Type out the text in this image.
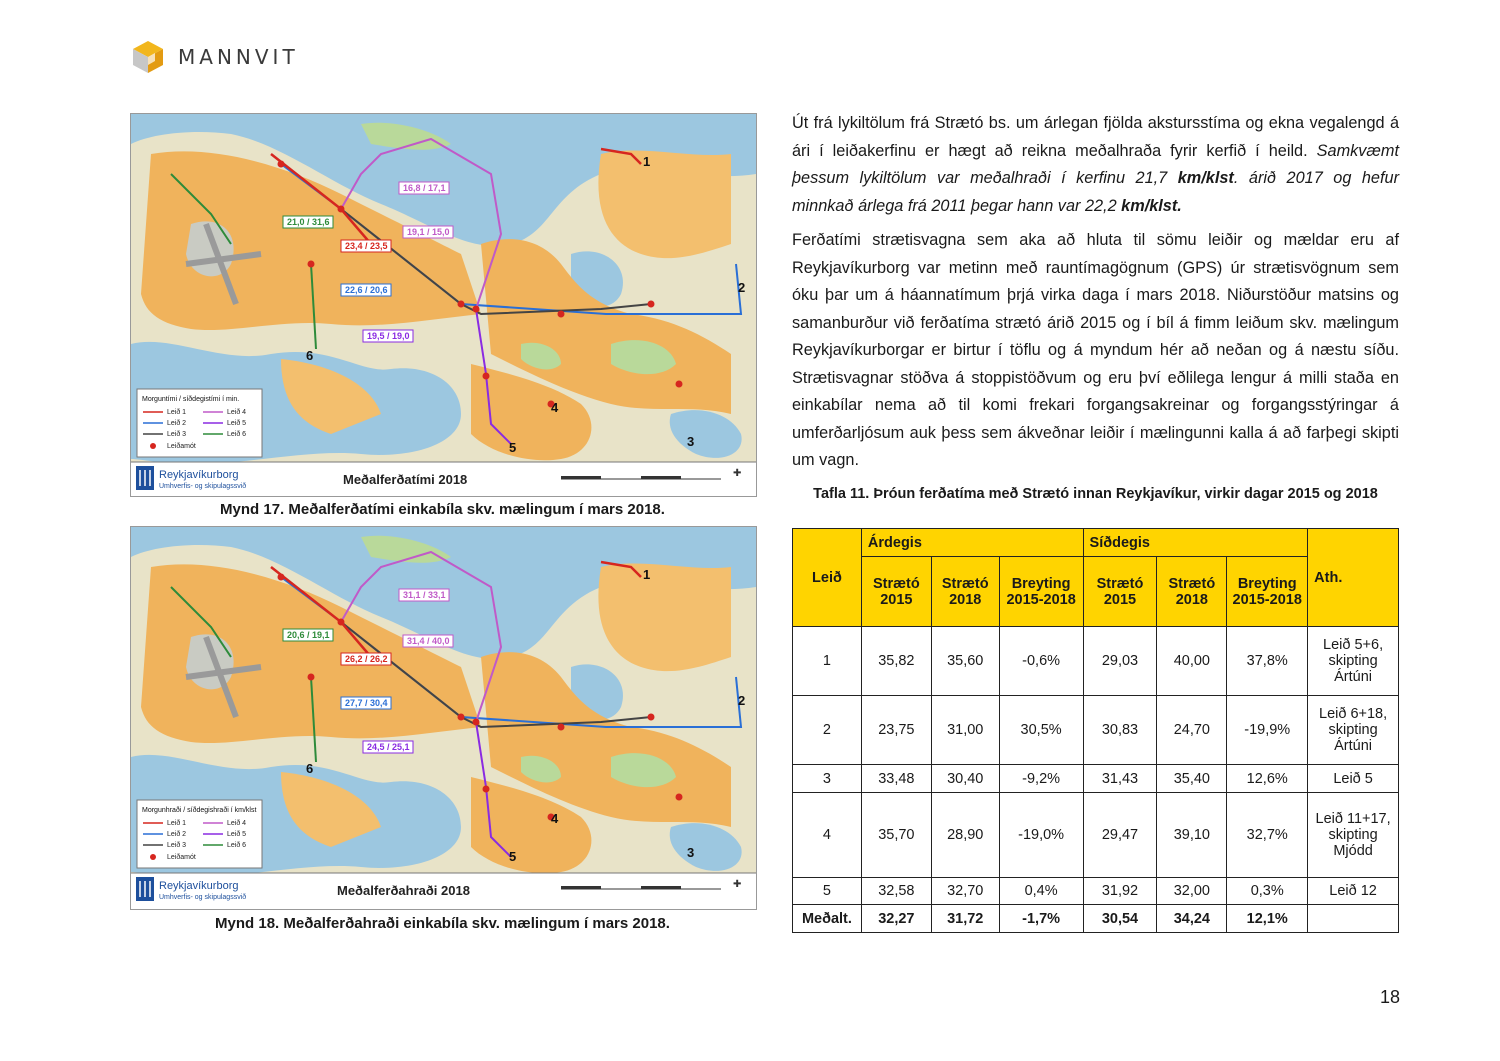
MANNVIT
16,8 / 17,1
21,0 / 31,6
19,1 / 15,0
23,4 / 23,5
22,6 / 20,6
19,5 / 19,0
1
2
3
4
5
6
Morguntími / síðdegistími í min.
Leið 1
Leið 2
Leið 3
Leið 4
Leið 5
Leið 6
Leiðamót
Reykjavíkurborg
Umhverfis- og skipulagssvið	Meðalferðatími 2018	✚
Mynd 17. Meðalferðatími einkabíla skv. mælingum í mars 2018.
31,1 / 33,1
20,6 / 19,1
31,4 / 40,0
26,2 / 26,2
27,7 / 30,4
24,5 / 25,1
1
2
3
4
5
6
Morgunhraði / síðdegishraði í km/klst
Leið 1
Leið 2
Leið 3
Leið 4
Leið 5
Leið 6
Leiðamót
Reykjavíkurborg
Umhverfis- og skipulagssvið	Meðalferðahraði 2018	✚
Mynd 18. Meðalferðahraði einkabíla skv. mælingum í mars 2018.

Út frá lykiltölum frá Strætó bs. um árlegan fjölda akstursstíma og ekna vegalengd á ári í leiðakerfinu er hægt að reikna meðalhraða fyrir kerfið í heild. Samkvæmt þessum lykiltölum var meðalhraði í kerfinu 21,7 km/klst. árið 2017 og hefur minnkað árlega frá 2011 þegar hann var 22,2 km/klst.

Ferðatími strætisvagna sem aka að hluta til sömu leiðir og mældar eru af Reykjavíkurborg var metinn með rauntímagögnum (GPS) úr strætisvögnum sem óku þar um á háannatímum þrjá virka daga í mars 2018. Niðurstöður matsins og samanburður við ferðatíma strætó árið 2015 og í bíl á fimm leiðum skv. mælingum Reykjavíkurborgar er birtur í töflu og á myndum hér að neðan og á næstu síðu. Strætisvagnar stöðva á stoppistöðvum og eru því eðlilega lengur á milli staða en einkabílar nema að til komi frekari forgangsakreinar og forgangsstýringar á umferðarljósum auk þess sem ákveðnar leiðir í mælingunni kalla á að farþegi skipti um vagn.

Tafla 11. Þróun ferðatíma með Strætó innan Reykjavíkur, virkir dagar 2015 og 2018
Leið	Árdegis			Síðdegis			Ath.
	Strætó 2015	Strætó 2018	Breyting 2015-2018	Strætó 2015	Strætó 2018	Breyting 2015-2018	
1	35,82	35,60	-0,6%	29,03	40,00	37,8%	Leið 5+6, skipting Ártúni
2	23,75	31,00	30,5%	30,83	24,70	-19,9%	Leið 6+18, skipting Ártúni
3	33,48	30,40	-9,2%	31,43	35,40	12,6%	Leið 5
4	35,70	28,90	-19,0%	29,47	39,10	32,7%	Leið 11+17, skipting Mjódd
5	32,58	32,70	0,4%	31,92	32,00	0,3%	Leið 12
Meðalt.	32,27	31,72	-1,7%	30,54	34,24	12,1%	
18
